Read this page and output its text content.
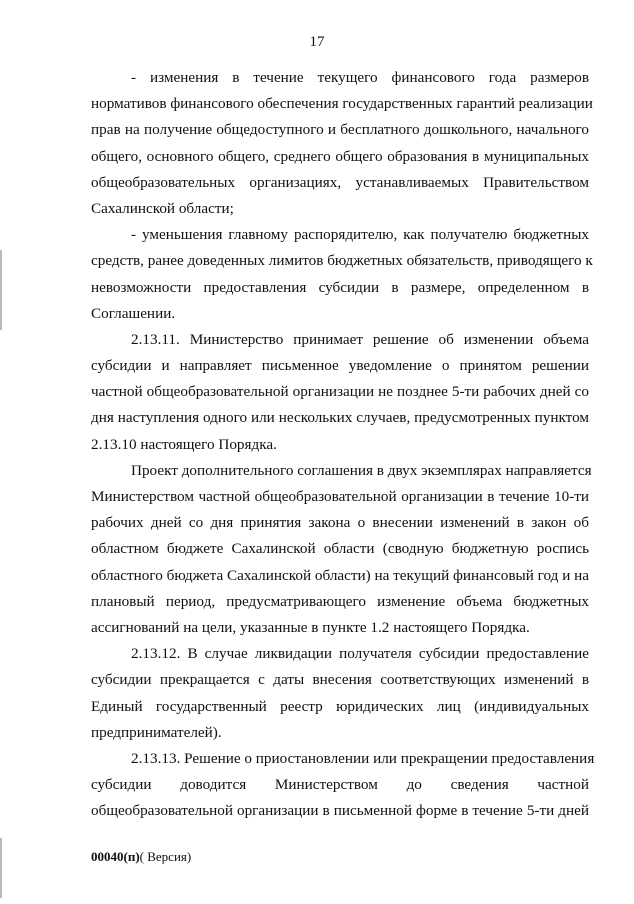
17
- изменения в течение текущего финансового года размеров
нормативов финансового обеспечения государственных гарантий реализации
прав на получение общедоступного и бесплатного дошкольного, начального
общего, основного общего, среднего общего образования в муниципальных
общеобразовательных организациях, устанавливаемых Правительством
Сахалинской области;
- уменьшения главному распорядителю, как получателю бюджетных
средств, ранее доведенных лимитов бюджетных обязательств, приводящего к
невозможности предоставления субсидии в размере, определенном в
Соглашении.
2.13.11. Министерство принимает решение об изменении объема
субсидии и направляет письменное уведомление о принятом решении
частной общеобразовательной организации не позднее 5-ти рабочих дней со
дня наступления одного или нескольких случаев, предусмотренных пунктом
2.13.10 настоящего Порядка.
Проект дополнительного соглашения в двух экземплярах направляется
Министерством частной общеобразовательной организации в течение 10-ти
рабочих дней со дня принятия закона о внесении изменений в закон об
областном бюджете Сахалинской области (сводную бюджетную роспись
областного бюджета Сахалинской области) на текущий финансовый год и на
плановый период, предусматривающего изменение объема бюджетных
ассигнований на цели, указанные в пункте 1.2 настоящего Порядка.
2.13.12. В случае ликвидации получателя субсидии предоставление
субсидии прекращается с даты внесения соответствующих изменений в
Единый государственный реестр юридических лиц (индивидуальных
предпринимателей).
2.13.13. Решение о приостановлении или прекращении предоставления
субсидии доводится Министерством до сведения частной
общеобразовательной организации в письменной форме в течение 5-ти дней
00040(п)( Версия)
